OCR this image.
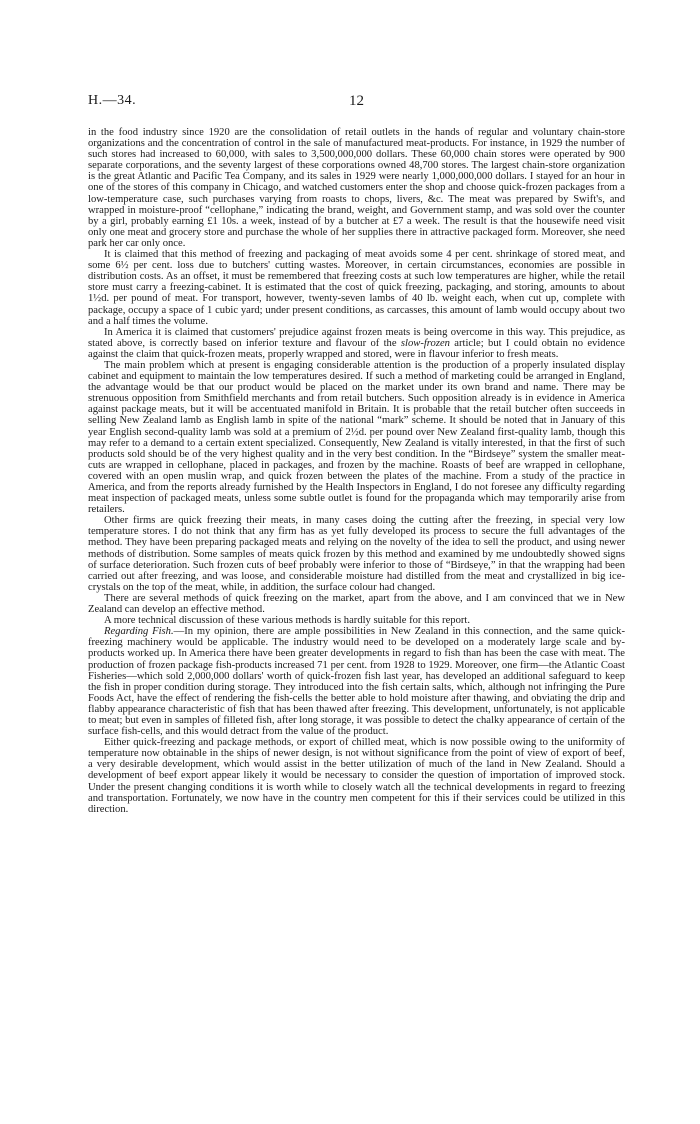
H.—34.	12

in the food industry since 1920 are the consolidation of retail outlets in the hands of regular and voluntary chain-store organizations and the concentration of control in the sale of manufactured meat-products. For instance, in 1929 the number of such stores had increased to 60,000, with sales to 3,500,000,000 dollars. These 60,000 chain stores were operated by 900 separate corporations, and the seventy largest of these corporations owned 48,700 stores. The largest chain-store organization is the great Atlantic and Pacific Tea Company, and its sales in 1929 were nearly 1,000,000,000 dollars. I stayed for an hour in one of the stores of this company in Chicago, and watched customers enter the shop and choose quick-frozen packages from a low-temperature case, such purchases varying from roasts to chops, livers, &c. The meat was prepared by Swift's, and wrapped in moisture-proof “cellophane,” indicating the brand, weight, and Government stamp, and was sold over the counter by a girl, probably earning £1 10s. a week, instead of by a butcher at £7 a week. The result is that the housewife need visit only one meat and grocery store and purchase the whole of her supplies there in attractive packaged form. Moreover, she need park her car only once.

It is claimed that this method of freezing and packaging of meat avoids some 4 per cent. shrinkage of stored meat, and some 6½ per cent. loss due to butchers' cutting wastes. Moreover, in certain circumstances, economies are possible in distribution costs. As an offset, it must be remembered that freezing costs at such low temperatures are higher, while the retail store must carry a freezing-cabinet. It is estimated that the cost of quick freezing, packaging, and storing, amounts to about 1½d. per pound of meat. For transport, however, twenty-seven lambs of 40 lb. weight each, when cut up, complete with package, occupy a space of 1 cubic yard; under present conditions, as carcasses, this amount of lamb would occupy about two and a half times the volume.

In America it is claimed that customers' prejudice against frozen meats is being overcome in this way. This prejudice, as stated above, is correctly based on inferior texture and flavour of the slow-frozen article; but I could obtain no evidence against the claim that quick-frozen meats, properly wrapped and stored, were in flavour inferior to fresh meats.

The main problem which at present is engaging considerable attention is the production of a properly insulated display cabinet and equipment to maintain the low temperatures desired. If such a method of marketing could be arranged in England, the advantage would be that our product would be placed on the market under its own brand and name. There may be strenuous opposition from Smithfield merchants and from retail butchers. Such opposition already is in evidence in America against package meats, but it will be accentuated manifold in Britain. It is probable that the retail butcher often succeeds in selling New Zealand lamb as English lamb in spite of the national “mark” scheme. It should be noted that in January of this year English second-quality lamb was sold at a premium of 2½d. per pound over New Zealand first-quality lamb, though this may refer to a demand to a certain extent specialized. Consequently, New Zealand is vitally interested, in that the first of such products sold should be of the very highest quality and in the very best condition. In the “Birdseye” system the smaller meat-cuts are wrapped in cellophane, placed in packages, and frozen by the machine. Roasts of beef are wrapped in cellophane, covered with an open muslin wrap, and quick frozen between the plates of the machine. From a study of the practice in America, and from the reports already furnished by the Health Inspectors in England, I do not foresee any difficulty regarding meat inspection of packaged meats, unless some subtle outlet is found for the propaganda which may temporarily arise from retailers.

Other firms are quick freezing their meats, in many cases doing the cutting after the freezing, in special very low temperature stores. I do not think that any firm has as yet fully developed its process to secure the full advantages of the method. They have been preparing packaged meats and relying on the novelty of the idea to sell the product, and using newer methods of distribution. Some samples of meats quick frozen by this method and examined by me undoubtedly showed signs of surface deterioration. Such frozen cuts of beef probably were inferior to those of “Birdseye,” in that the wrapping had been carried out after freezing, and was loose, and considerable moisture had distilled from the meat and crystallized in big ice-crystals on the top of the meat, while, in addition, the surface colour had changed.

There are several methods of quick freezing on the market, apart from the above, and I am convinced that we in New Zealand can develop an effective method.

A more technical discussion of these various methods is hardly suitable for this report.

Regarding Fish.—In my opinion, there are ample possibilities in New Zealand in this connection, and the same quick-freezing machinery would be applicable. The industry would need to be developed on a moderately large scale and by-products worked up. In America there have been greater developments in regard to fish than has been the case with meat. The production of frozen package fish-products increased 71 per cent. from 1928 to 1929. Moreover, one firm—the Atlantic Coast Fisheries—which sold 2,000,000 dollars' worth of quick-frozen fish last year, has developed an additional safeguard to keep the fish in proper condition during storage. They introduced into the fish certain salts, which, although not infringing the Pure Foods Act, have the effect of rendering the fish-cells the better able to hold moisture after thawing, and obviating the drip and flabby appearance characteristic of fish that has been thawed after freezing. This development, unfortunately, is not applicable to meat; but even in samples of filleted fish, after long storage, it was possible to detect the chalky appearance of certain of the surface fish-cells, and this would detract from the value of the product.

Either quick-freezing and package methods, or export of chilled meat, which is now possible owing to the uniformity of temperature now obtainable in the ships of newer design, is not without significance from the point of view of export of beef, a very desirable development, which would assist in the better utilization of much of the land in New Zealand. Should a development of beef export appear likely it would be necessary to consider the question of importation of improved stock. Under the present changing conditions it is worth while to closely watch all the technical developments in regard to freezing and transportation. Fortunately, we now have in the country men competent for this if their services could be utilized in this direction.
